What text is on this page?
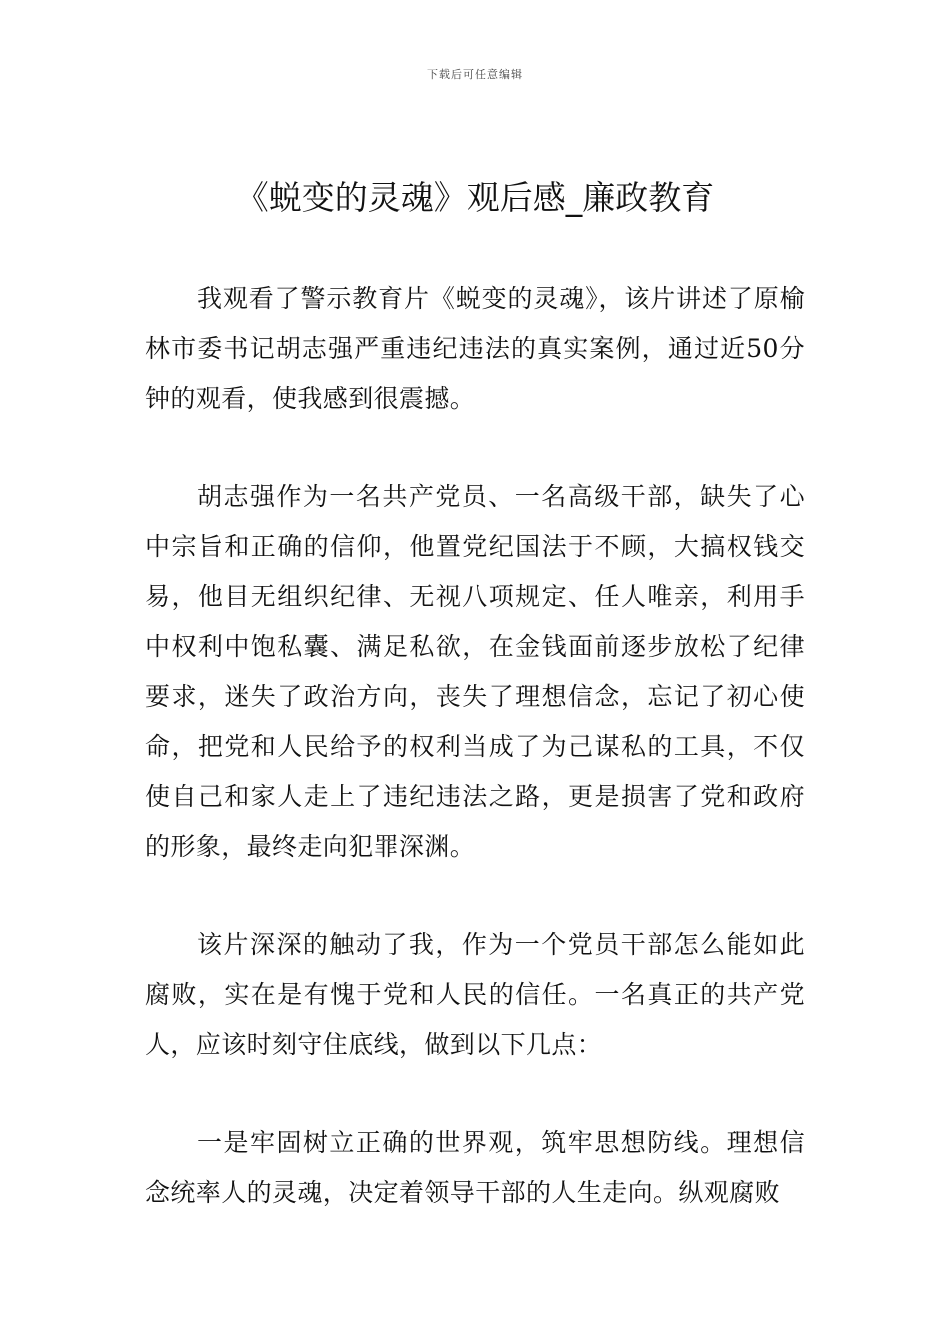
下载后可任意编辑
《蜕变的灵魂》观后感_廉政教育

我观看了警示教育片《蜕变的灵魂》，该片讲述了原榆林市委书记胡志强严重违纪违法的真实案例，通过近50分钟的观看，使我感到很震撼。

胡志强作为一名共产党员、一名高级干部，缺失了心中宗旨和正确的信仰，他置党纪国法于不顾，大搞权钱交易，他目无组织纪律、无视八项规定、任人唯亲，利用手中权利中饱私囊、满足私欲，在金钱面前逐步放松了纪律要求，迷失了政治方向，丧失了理想信念，忘记了初心使命，把党和人民给予的权利当成了为己谋私的工具，不仅使自己和家人走上了违纪违法之路，更是损害了党和政府的形象，最终走向犯罪深渊。

该片深深的触动了我，作为一个党员干部怎么能如此腐败，实在是有愧于党和人民的信任。一名真正的共产党人，应该时刻守住底线，做到以下几点：

一是牢固树立正确的世界观，筑牢思想防线。理想信念统率人的灵魂，决定着领导干部的人生走向。纵观腐败
